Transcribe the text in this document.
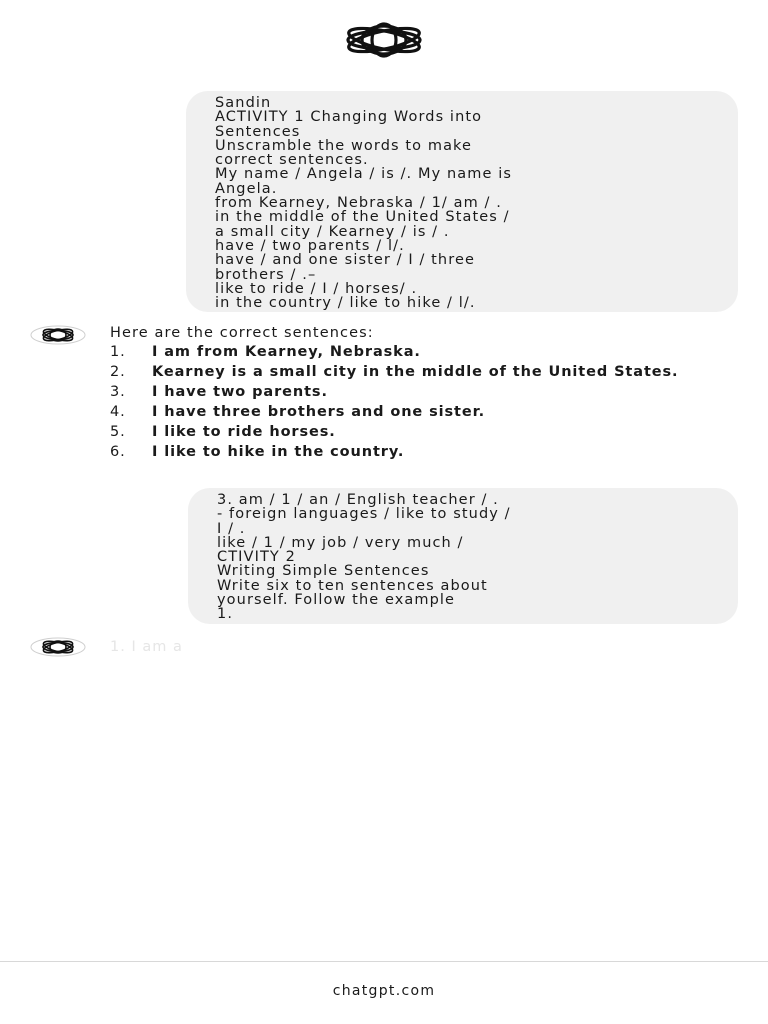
Sandin
ACTIVITY 1 Changing Words into
Sentences
Unscramble the words to make
correct sentences.
My name / Angela / is /. My name is
Angela.
from Kearney, Nebraska / 1/ am / .
in the middle of the United States /
a small city / Kearney / is / .
have / two parents / l/.
have / and one sister / I / three
brothers / .–
like to ride / I / horses/ .
in the country / like to hike / l/.
Here are the correct sentences:
1.	I am from Kearney, Nebraska.
2.	Kearney is a small city in the middle of the United States.
3.	I have two parents.
4.	I have three brothers and one sister.
5.	I like to ride horses.
6.	I like to hike in the country.
3. am / 1 / an / English teacher / .
- foreign languages / like to study /
I / .
like / 1 / my job / very much /
CTIVITY 2
Writing Simple Sentences
Write six to ten sentences about
yourself. Follow the example
1.
1. I am a
chatgpt.com
